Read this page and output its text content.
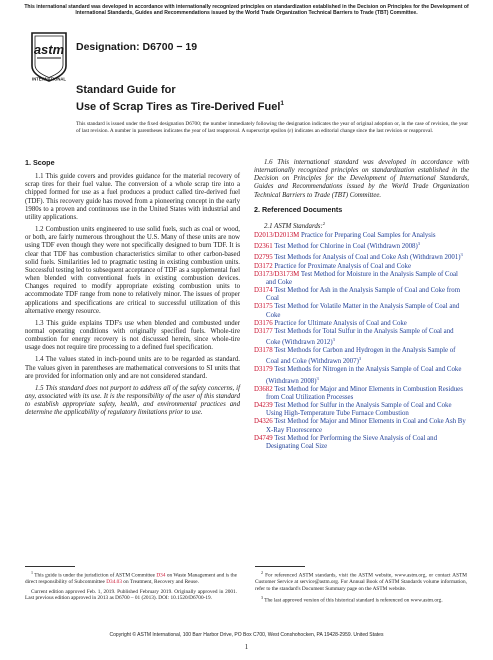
This international standard was developed in accordance with internationally recognized principles on standardization established in the Decision on Principles for the Development of International Standards, Guides and Recommendations issued by the World Trade Organization Technical Barriers to Trade (TBT) Committee.
astm
INTERNATIONAL
Designation: D6700 − 19
Standard Guide for
Use of Scrap Tires as Tire-Derived Fuel$^1$
This standard is issued under the fixed designation D6700; the number immediately following the designation indicates the year of original adoption or, in the case of revision, the year of last revision. A number in parentheses indicates the year of last reapproval. A superscript epsilon (ε) indicates an editorial change since the last revision or reapproval.
1. Scope

1.1 This guide covers and provides guidance for the material recovery of scrap tires for their fuel value. The conversion of a whole scrap tire into a chipped formed for use as a fuel produces a product called tire-derived fuel (TDF). This recovery guide has moved from a pioneering concept in the early 1980s to a proven and continuous use in the United States with industrial and utility applications.

1.2 Combustion units engineered to use solid fuels, such as coal or wood, or both, are fairly numerous throughout the U.S. Many of these units are now using TDF even though they were not specifically designed to burn TDF. It is clear that TDF has combustion characteristics similar to other carbon-based solid fuels. Similarities led to pragmatic testing in existing combustion units. Successful testing led to subsequent acceptance of TDF as a supplemental fuel when blended with conventional fuels in existing combustion devices. Changes required to modify appropriate existing combustion units to accommodate TDF range from none to relatively minor. The issues of proper applications and specifications are critical to successful utilization of this alternative energy resource.

1.3 This guide explains TDF's use when blended and combusted under normal operating conditions with originally specified fuels. Whole-tire combustion for energy recovery is not discussed herein, since whole-tire usage does not require tire processing to a defined fuel specification.

1.4 The values stated in inch-pound units are to be regarded as standard. The values given in parentheses are mathematical conversions to SI units that are provided for information only and are not considered standard.

1.5 This standard does not purport to address all of the safety concerns, if any, associated with its use. It is the responsibility of the user of this standard to establish appropriate safety, health, and environmental practices and determine the applicability of regulatory limitations prior to use.

1.6 This international standard was developed in accordance with internationally recognized principles on standardization established in the Decision on Principles for the Development of International Standards, Guides and Recommendations issued by the World Trade Organization Technical Barriers to Trade (TBT) Committee.

2. Referenced Documents

2.1 ASTM Standards:$^2$

D2013/D2013M Practice for Preparing Coal Samples for Analysis

D2361 Test Method for Chlorine in Coal (Withdrawn 2008)$^3$

D2795 Test Methods for Analysis of Coal and Coke Ash (Withdrawn 2001)$^3$

D3172 Practice for Proximate Analysis of Coal and Coke

D3173/D3173M Test Method for Moisture in the Analysis Sample of Coal and Coke

D3174 Test Method for Ash in the Analysis Sample of Coal and Coke from Coal

D3175 Test Method for Volatile Matter in the Analysis Sample of Coal and Coke

D3176 Practice for Ultimate Analysis of Coal and Coke

D3177 Test Methods for Total Sulfur in the Analysis Sample of Coal and Coke (Withdrawn 2012)$^3$

D3178 Test Methods for Carbon and Hydrogen in the Analysis Sample of Coal and Coke (Withdrawn 2007)$^3$

D3179 Test Methods for Nitrogen in the Analysis Sample of Coal and Coke (Withdrawn 2008)$^3$

D3682 Test Method for Major and Minor Elements in Combustion Residues from Coal Utilization Processes

D4239 Test Method for Sulfur in the Analysis Sample of Coal and Coke Using High-Temperature Tube Furnace Combustion

D4326 Test Method for Major and Minor Elements in Coal and Coke Ash By X-Ray Fluorescence

D4749 Test Method for Performing the Sieve Analysis of Coal and Designating Coal Size

$^1$ This guide is under the jurisdiction of ASTM Committee D34 on Waste Management and is the direct responsibility of Subcommittee D34.03 on Treatment, Recovery and Reuse.

Current edition approved Feb. 1, 2019. Published February 2019. Originally approved in 2001. Last previous edition approved in 2013 as D6700 – 01 (2013). DOI: 10.1520/D6700-19.

$^2$ For referenced ASTM standards, visit the ASTM website, www.astm.org, or contact ASTM Customer Service at service@astm.org. For Annual Book of ASTM Standards volume information, refer to the standard's Document Summary page on the ASTM website.

$^3$ The last approved version of this historical standard is referenced on www.astm.org.

Copyright © ASTM International, 100 Barr Harbor Drive, PO Box C700, West Conshohocken, PA 19428-2959. United States
1
